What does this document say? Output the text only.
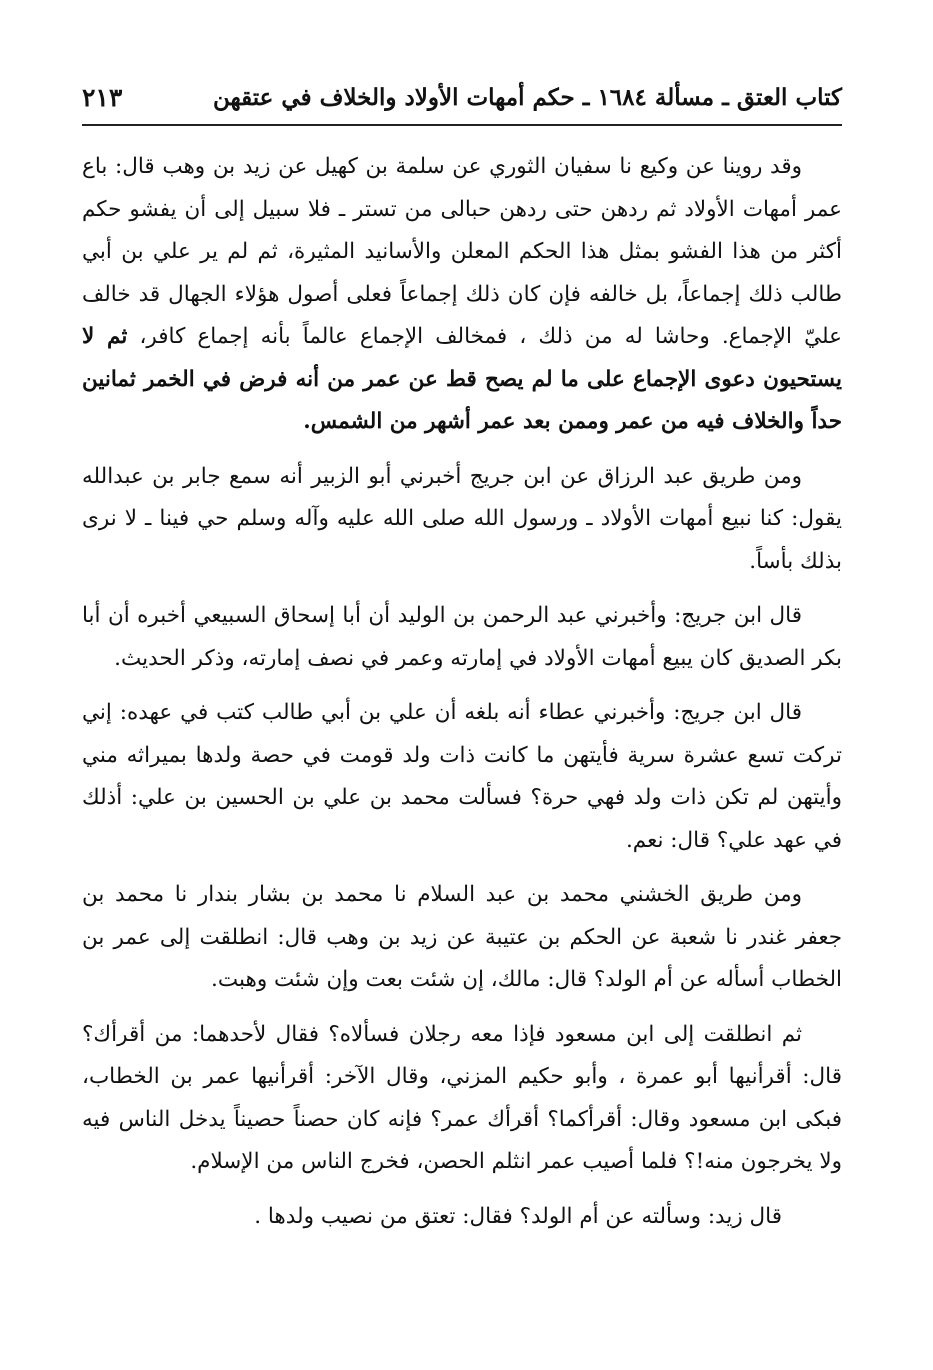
كتاب العتق ـ مسألة ١٦٨٤ ـ حكم أمهات الأولاد والخلاف في عتقهن
٢١٣

وقد روينا عن وكيع نا سفيان الثوري عن سلمة بن كهيل عن زيد بن وهب قال: باع عمر أمهات الأولاد ثم ردهن حتى ردهن حبالى من تستر ـ فلا سبيل إلى أن يفشو حكم أكثر من هذا الفشو بمثل هذا الحكم المعلن والأسانيد المثيرة، ثم لم ير علي بن أبي طالب ذلك إجماعاً، بل خالفه فإن كان ذلك إجماعاً فعلى أصول هؤلاء الجهال قد خالف عليّ الإجماع. وحاشا له من ذلك ، فمخالف الإجماع عالماً بأنه إجماع كافر، ثم لا يستحيون دعوى الإجماع على ما لم يصح قط عن عمر من أنه فرض في الخمر ثمانين حداً والخلاف فيه من عمر وممن بعد عمر أشهر من الشمس.

ومن طريق عبد الرزاق عن ابن جريج أخبرني أبو الزبير أنه سمع جابر بن عبدالله يقول: كنا نبيع أمهات الأولاد ـ ورسول الله صلى الله عليه وآله وسلم حي فينا ـ لا نرى بذلك بأساً.

قال ابن جريج: وأخبرني عبد الرحمن بن الوليد أن أبا إسحاق السبيعي أخبره أن أبا بكر الصديق كان يبيع أمهات الأولاد في إمارته وعمر في نصف إمارته، وذكر الحديث.

قال ابن جريج: وأخبرني عطاء أنه بلغه أن علي بن أبي طالب كتب في عهده: إني تركت تسع عشرة سرية فأيتهن ما كانت ذات ولد قومت في حصة ولدها بميراثه مني وأيتهن لم تكن ذات ولد فهي حرة؟ فسألت محمد بن علي بن الحسين بن علي: أذلك في عهد علي؟ قال: نعم.

ومن طريق الخشني محمد بن عبد السلام نا محمد بن بشار بندار نا محمد بن جعفر غندر نا شعبة عن الحكم بن عتيبة عن زيد بن وهب قال: انطلقت إلى عمر بن الخطاب أسأله عن أم الولد؟ قال: مالك، إن شئت بعت وإن شئت وهبت.

ثم انطلقت إلى ابن مسعود فإذا معه رجلان فسألاه؟ فقال لأحدهما: من أقرأك؟ قال: أقرأنيها أبو عمرة ، وأبو حكيم المزني، وقال الآخر: أقرأنيها عمر بن الخطاب، فبكى ابن مسعود وقال: أقرأكما؟ أقرأك عمر؟ فإنه كان حصناً حصيناً يدخل الناس فيه ولا يخرجون منه!؟ فلما أصيب عمر انثلم الحصن، فخرج الناس من الإسلام.

قال زيد: وسألته عن أم الولد؟ فقال: تعتق من نصيب ولدها .
